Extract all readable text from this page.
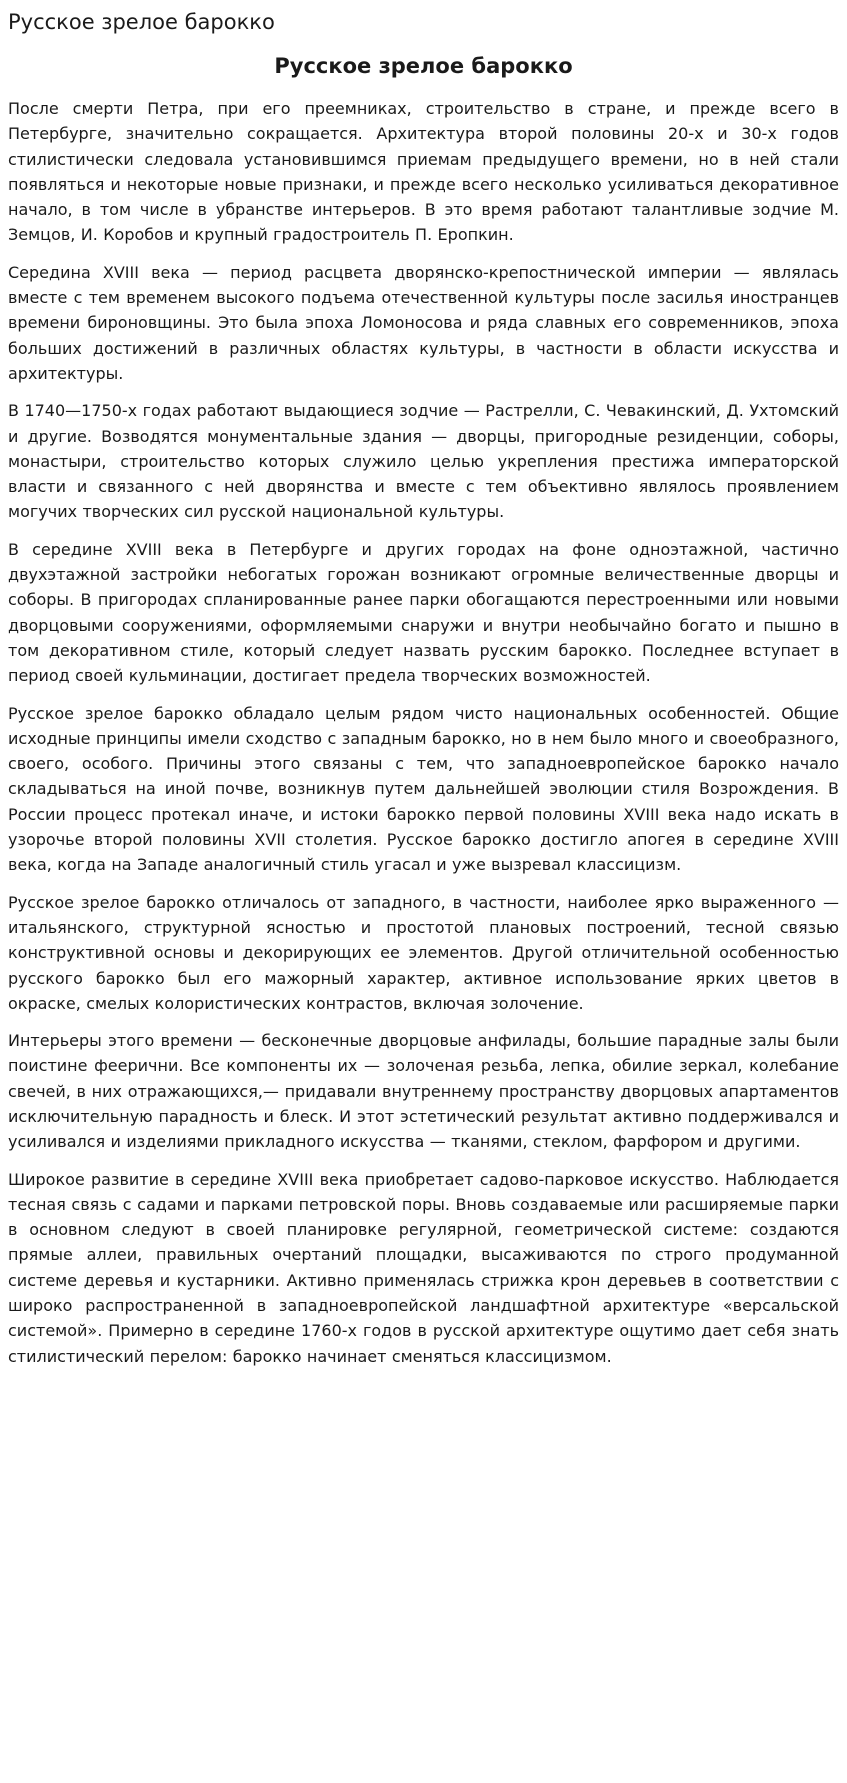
Русское зрелое барокко
Русское зрелое барокко

После смерти Петра, при его преемниках, строительство в стране, и прежде всего в Петербурге, значительно сокращается. Архитектура второй половины 20-х и 30-х годов стилистически следовала установившимся приемам предыдущего времени, но в ней стали появляться и некоторые новые признаки, и прежде всего несколько усиливаться декоративное начало, в том числе в убранстве интерьеров. В это время работают талантливые зодчие М. Земцов, И. Коробов и крупный градостроитель П. Еропкин.

Середина XVIII века — период расцвета дворянско-крепостнической империи — являлась вместе с тем временем высокого подъема отечественной культуры после засилья иностранцев времени бироновщины. Это была эпоха Ломоносова и ряда славных его современников, эпоха больших достижений в различных областях культуры, в частности в области искусства и архитектуры.

В 1740—1750-х годах работают выдающиеся зодчие — Растрелли, С. Чевакинский, Д. Ухтомский и другие. Возводятся монументальные здания — дворцы, пригородные резиденции, соборы, монастыри, строительство которых служило целью укрепления престижа императорской власти и связанного с ней дворянства и вместе с тем объективно являлось проявлением могучих творческих сил русской национальной культуры.

В середине XVIII века в Петербурге и других городах на фоне одноэтажной, частично двухэтажной застройки небогатых горожан возникают огромные величественные дворцы и соборы. В пригородах спланированные ранее парки обогащаются перестроенными или новыми дворцовыми сооружениями, оформляемыми снаружи и внутри необычайно богато и пышно в том декоративном стиле, который следует назвать русским барокко. Последнее вступает в период своей кульминации, достигает предела творческих возможностей.

Русское зрелое барокко обладало целым рядом чисто национальных особенностей. Общие исходные принципы имели сходство с западным барокко, но в нем было много и своеобразного, своего, особого. Причины этого связаны с тем, что западноевропейское барокко начало складываться на иной почве, возникнув путем дальнейшей эволюции стиля Возрождения. В России процесс протекал иначе, и истоки барокко первой половины XVIII века надо искать в узорочье второй половины XVII столетия. Русское барокко достигло апогея в середине XVIII века, когда на Западе аналогичный стиль угасал и уже вызревал классицизм.

Русское зрелое барокко отличалось от западного, в частности, наиболее ярко выраженного — итальянского, структурной ясностью и простотой плановых построений, тесной связью конструктивной основы и декорирующих ее элементов. Другой отличительной особенностью русского барокко был его мажорный характер, активное использование ярких цветов в окраске, смелых колористических контрастов, включая золочение.

Интерьеры этого времени — бесконечные дворцовые анфилады, большие парадные залы были поистине феерични. Все компоненты их — золоченая резьба, лепка, обилие зеркал, колебание свечей, в них отражающихся,— придавали внутреннему пространству дворцовых апартаментов исключительную парадность и блеск. И этот эстетический результат активно поддерживался и усиливался и изделиями прикладного искусства — тканями, стеклом, фарфором и другими.

Широкое развитие в середине XVIII века приобретает садово-парковое искусство. Наблюдается тесная связь с садами и парками петровской поры. Вновь создаваемые или расширяемые парки в основном следуют в своей планировке регулярной, геометрической системе: создаются прямые аллеи, правильных очертаний площадки, высаживаются по строго продуманной системе деревья и кустарники. Активно применялась стрижка крон деревьев в соответствии с широко распространенной в западноевропейской ландшафтной архитектуре «версальской системой». Примерно в середине 1760-х годов в русской архитектуре ощутимо дает себя знать стилистический перелом: барокко начинает сменяться классицизмом.
